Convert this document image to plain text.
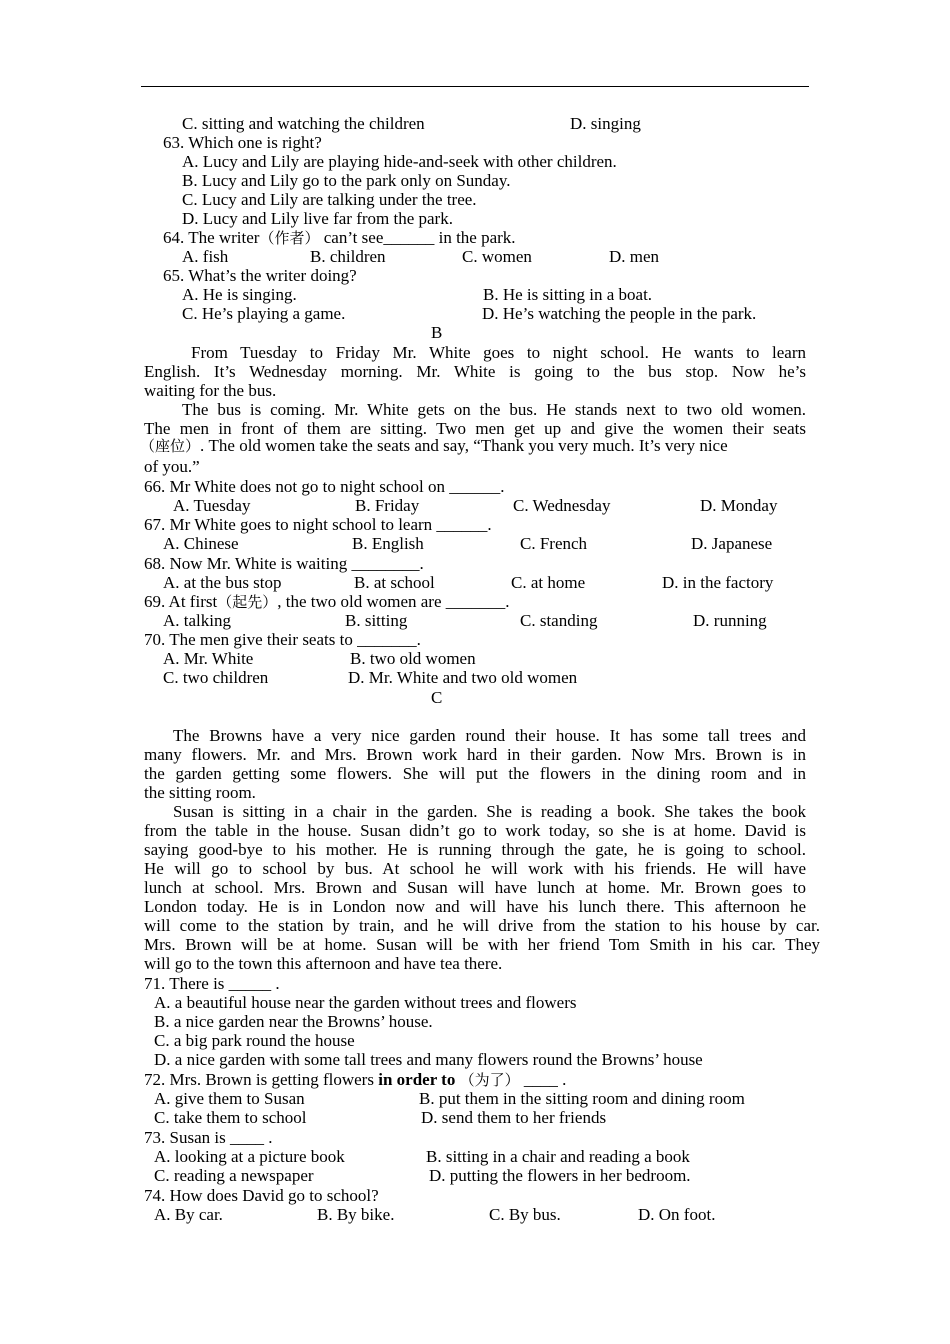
C. sitting and watching the children	D. singing
63. Which one is right?
A. Lucy and Lily are playing hide-and-seek with other children.
B. Lucy and Lily go to the park only on Sunday.
C. Lucy and Lily are talking under the tree.
D. Lucy and Lily live far from the park.
64. The writer（作者） can’t see______ in the park.
A. fish	B. children	C. women	D. men
65. What’s the writer doing?
A. He is singing.	B. He is sitting in a boat.
C. He’s playing a game.	D. He’s watching the people in the park.
B
From Tuesday to Friday Mr. White goes to night school. He wants to learn
English. It’s Wednesday morning. Mr. White is going to the bus stop. Now he’s
waiting for the bus.
The bus is coming. Mr. White gets on the bus. He stands next to two old women.
The men in front of them are sitting. Two men get up and give the women their seats
（座位）. The old women take the seats and say, “Thank you very much. It’s very nice
of you.”
66. Mr White does not go to night school on ______.
A. Tuesday	B. Friday	C. Wednesday	D. Monday
67. Mr White goes to night school to learn ______.
A. Chinese	B. English	C. French	D. Japanese
68. Now Mr. White is waiting ________.
A. at the bus stop	B. at school	C. at home	D. in the factory
69. At first（起先）, the two old women are _______.
A. talking	B. sitting	C. standing	D. running
70. The men give their seats to _______.
A. Mr. White	B. two old women
C. two children	D. Mr. White and two old women
C
The Browns have a very nice garden round their house. It has some tall trees and
many flowers. Mr. and Mrs. Brown work hard in their garden. Now Mrs. Brown is in
the garden getting some flowers. She will put the flowers in the dining room and in
the sitting room.
Susan is sitting in a chair in the garden. She is reading a book. She takes the book
from the table in the house. Susan didn’t go to work today, so she is at home. David is
saying good-bye to his mother. He is running through the gate, he is going to school.
He will go to school by bus. At school he will work with his friends. He will have
lunch at school. Mrs. Brown and Susan will have lunch at home. Mr. Brown goes to
London today. He is in London now and will have his lunch there. This afternoon he
will come to the station by train, and he will drive from the station to his house by car.
Mrs. Brown will be at home. Susan will be with her friend Tom Smith in his car. They
will go to the town this afternoon and have tea there.
71. There is _____ .
A. a beautiful house near the garden without trees and flowers
B. a nice garden near the Browns’ house.
C. a big park round the house
D. a nice garden with some tall trees and many flowers round the Browns’ house
72. Mrs. Brown is getting flowers in order to （为了） ____ .
A. give them to Susan	B. put them in the sitting room and dining room
C. take them to school	D. send them to her friends
73. Susan is ____ .
A. looking at a picture book	B. sitting in a chair and reading a book
C. reading a newspaper	D. putting the flowers in her bedroom.
74. How does David go to school?
A. By car.	B. By bike.	C. By bus.	D. On foot.
